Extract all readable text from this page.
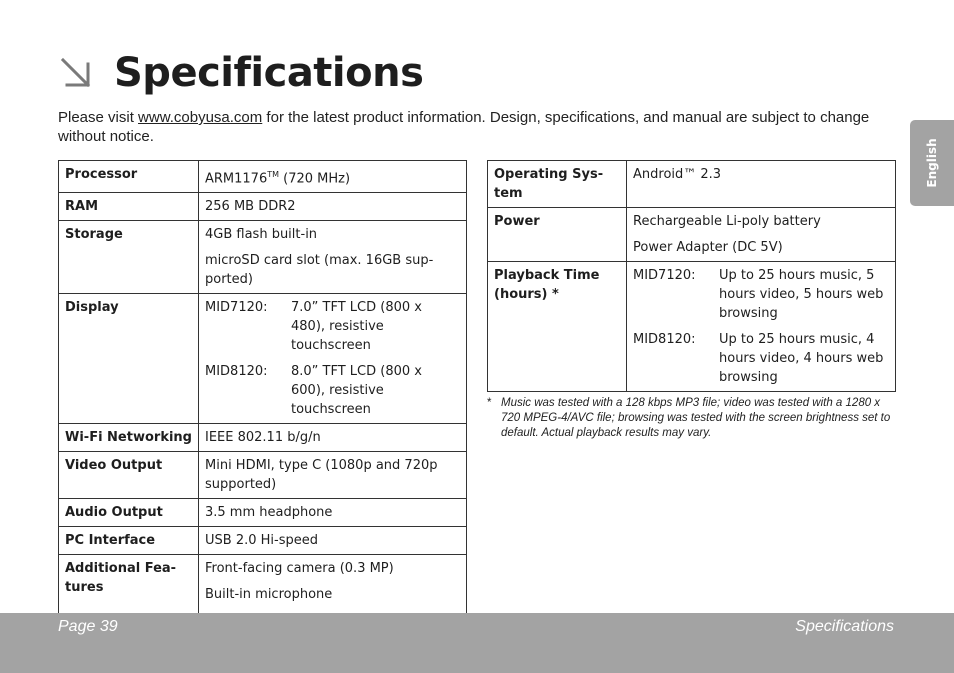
Specifications
Please visit www.cobyusa.com for the latest product information. Design, specifications, and manual are subject to change without notice.
Processor	ARM1176™ (720 MHz)
RAM	256 MB DDR2
Storage	4GB flash built-in

microSD card slot (max. 16GB sup-ported)

Display	MID7120: 7.0” TFT LCD (800 x 480), resistive touchscreen
MID8120: 8.0” TFT LCD (800 x 600), resistive touchscreen

Wi-Fi Networking	IEEE 802.11 b/g/n
Video Output	Mini HDMI, type C (1080p and 720p supported)
Audio Output	3.5 mm headphone
PC Interface	USB 2.0 Hi-speed
Additional Fea-tures	Front-facing camera (0.3 MP)

Built-in microphone

Operating Sys-tem	Android™ 2.3
Power	Rechargeable Li-poly battery

Power Adapter (DC 5V)

Playback Time (hours) *	MID7120: Up to 25 hours music, 5 hours video, 5 hours web browsing
MID8120: Up to 25 hours music, 4 hours video, 4 hours web browsing
* Music was tested with a 128 kbps MP3 file; video was tested with a 1280 x 720 MPEG-4/AVC file; browsing was tested with the screen brightness set to default. Actual playback results may vary.
English
Page 39	Specifications
